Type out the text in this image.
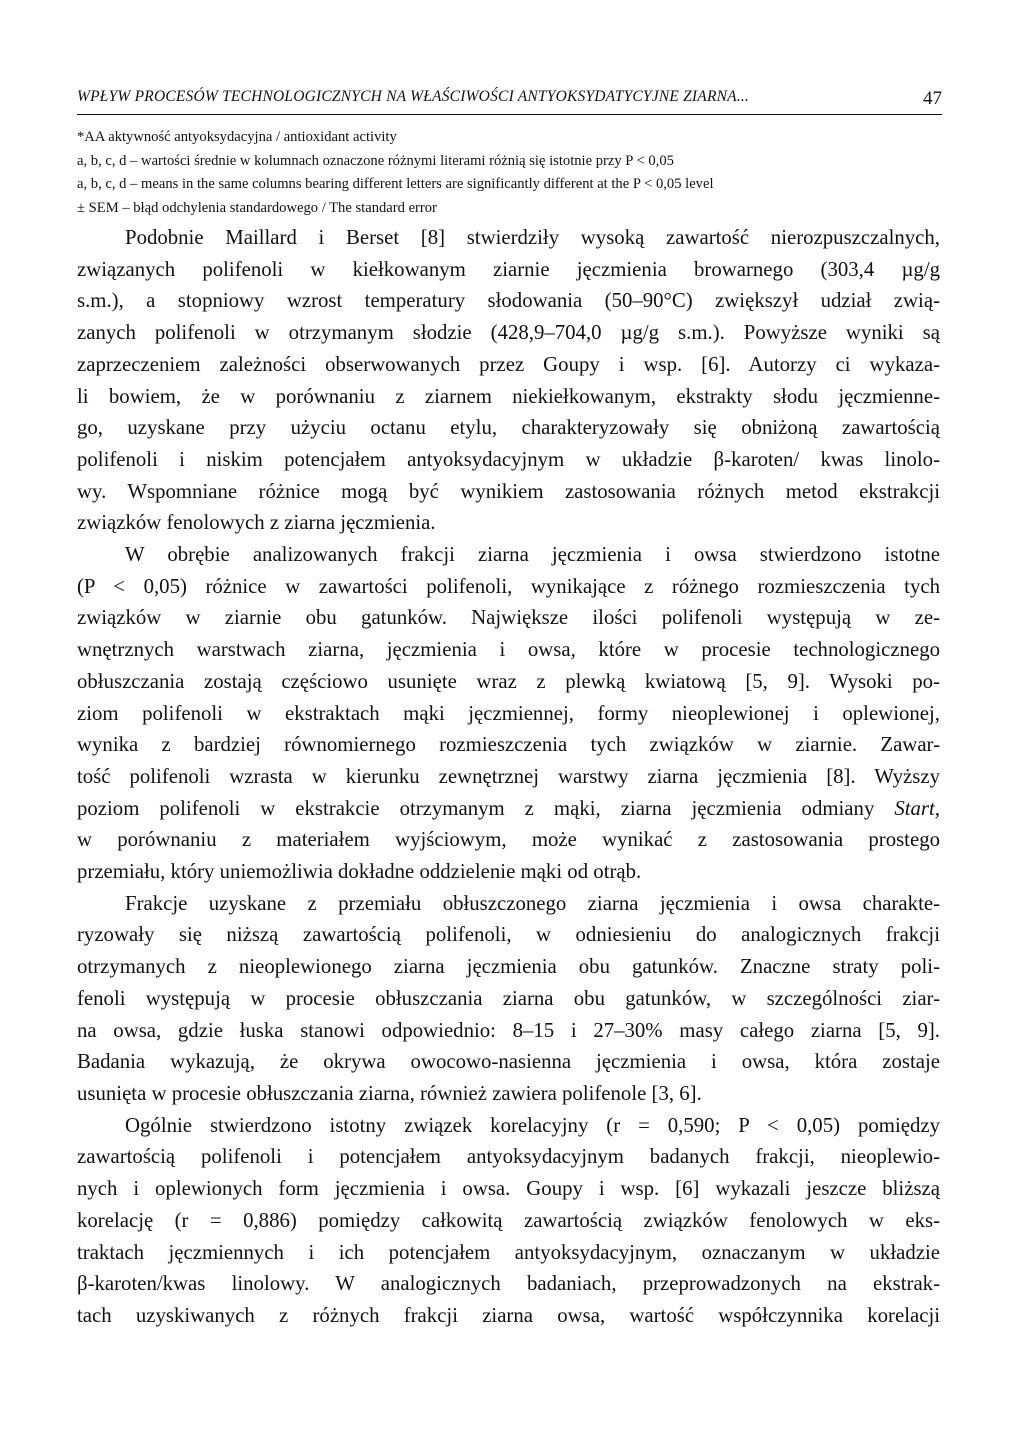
WPŁYW PROCESÓW TECHNOLOGICZNYCH NA WŁAŚCIWOŚCI ANTYOKSYDATYCYJNE ZIARNA...	47
*AA aktywność antyoksydacyjna / antioxidant activity
a, b, c, d – wartości średnie w kolumnach oznaczone różnymi literami różnią się istotnie przy P < 0,05
a, b, c, d – means in the same columns bearing different letters are significantly different at the P < 0,05 level
± SEM – błąd odchylenia standardowego / The standard error
Podobnie Maillard i Berset [8] stwierdziły wysoką zawartość nierozpuszczalnych,
związanych polifenoli w kiełkowanym ziarnie jęczmienia browarnego (303,4 µg/g
s.m.), a stopniowy wzrost temperatury słodowania (50–90°C) zwiększył udział zwią-
zanych polifenoli w otrzymanym słodzie (428,9–704,0 µg/g s.m.). Powyższe wyniki są
zaprzeczeniem zależności obserwowanych przez Goupy i wsp. [6]. Autorzy ci wykaza-
li bowiem, że w porównaniu z ziarnem niekiełkowanym, ekstrakty słodu jęczmienne-
go, uzyskane przy użyciu octanu etylu, charakteryzowały się obniżoną zawartością
polifenoli i niskim potencjałem antyoksydacyjnym w układzie β-karoten/ kwas linolo-
wy. Wspomniane różnice mogą być wynikiem zastosowania różnych metod ekstrakcji
związków fenolowych z ziarna jęczmienia.
W obrębie analizowanych frakcji ziarna jęczmienia i owsa stwierdzono istotne
(P < 0,05) różnice w zawartości polifenoli, wynikające z różnego rozmieszczenia tych
związków w ziarnie obu gatunków. Największe ilości polifenoli występują w ze-
wnętrznych warstwach ziarna, jęczmienia i owsa, które w procesie technologicznego
obłuszczania zostają częściowo usunięte wraz z plewką kwiatową [5, 9]. Wysoki po-
ziom polifenoli w ekstraktach mąki jęczmiennej, formy nieoplewionej i oplewionej,
wynika z bardziej równomiernego rozmieszczenia tych związków w ziarnie. Zawar-
tość polifenoli wzrasta w kierunku zewnętrznej warstwy ziarna jęczmienia [8]. Wyższy
poziom polifenoli w ekstrakcie otrzymanym z mąki, ziarna jęczmienia odmiany Start,
w porównaniu z materiałem wyjściowym, może wynikać z zastosowania prostego
przemiału, który uniemożliwia dokładne oddzielenie mąki od otrąb.
Frakcje uzyskane z przemiału obłuszczonego ziarna jęczmienia i owsa charakte-
ryzowały się niższą zawartością polifenoli, w odniesieniu do analogicznych frakcji
otrzymanych z nieoplewionego ziarna jęczmienia obu gatunków. Znaczne straty poli-
fenoli występują w procesie obłuszczania ziarna obu gatunków, w szczególności ziar-
na owsa, gdzie łuska stanowi odpowiednio: 8–15 i 27–30% masy całego ziarna [5, 9].
Badania wykazują, że okrywa owocowo-nasienna jęczmienia i owsa, która zostaje
usunięta w procesie obłuszczania ziarna, również zawiera polifenole [3, 6].
Ogólnie stwierdzono istotny związek korelacyjny (r = 0,590; P < 0,05) pomiędzy
zawartością polifenoli i potencjałem antyoksydacyjnym badanych frakcji, nieoplewio-
nych i oplewionych form jęczmienia i owsa. Goupy i wsp. [6] wykazali jeszcze bliższą
korelację (r = 0,886) pomiędzy całkowitą zawartością związków fenolowych w eks-
traktach jęczmiennych i ich potencjałem antyoksydacyjnym, oznaczanym w układzie
β-karoten/kwas linolowy. W analogicznych badaniach, przeprowadzonych na ekstrak-
tach uzyskiwanych z różnych frakcji ziarna owsa, wartość współczynnika korelacji
